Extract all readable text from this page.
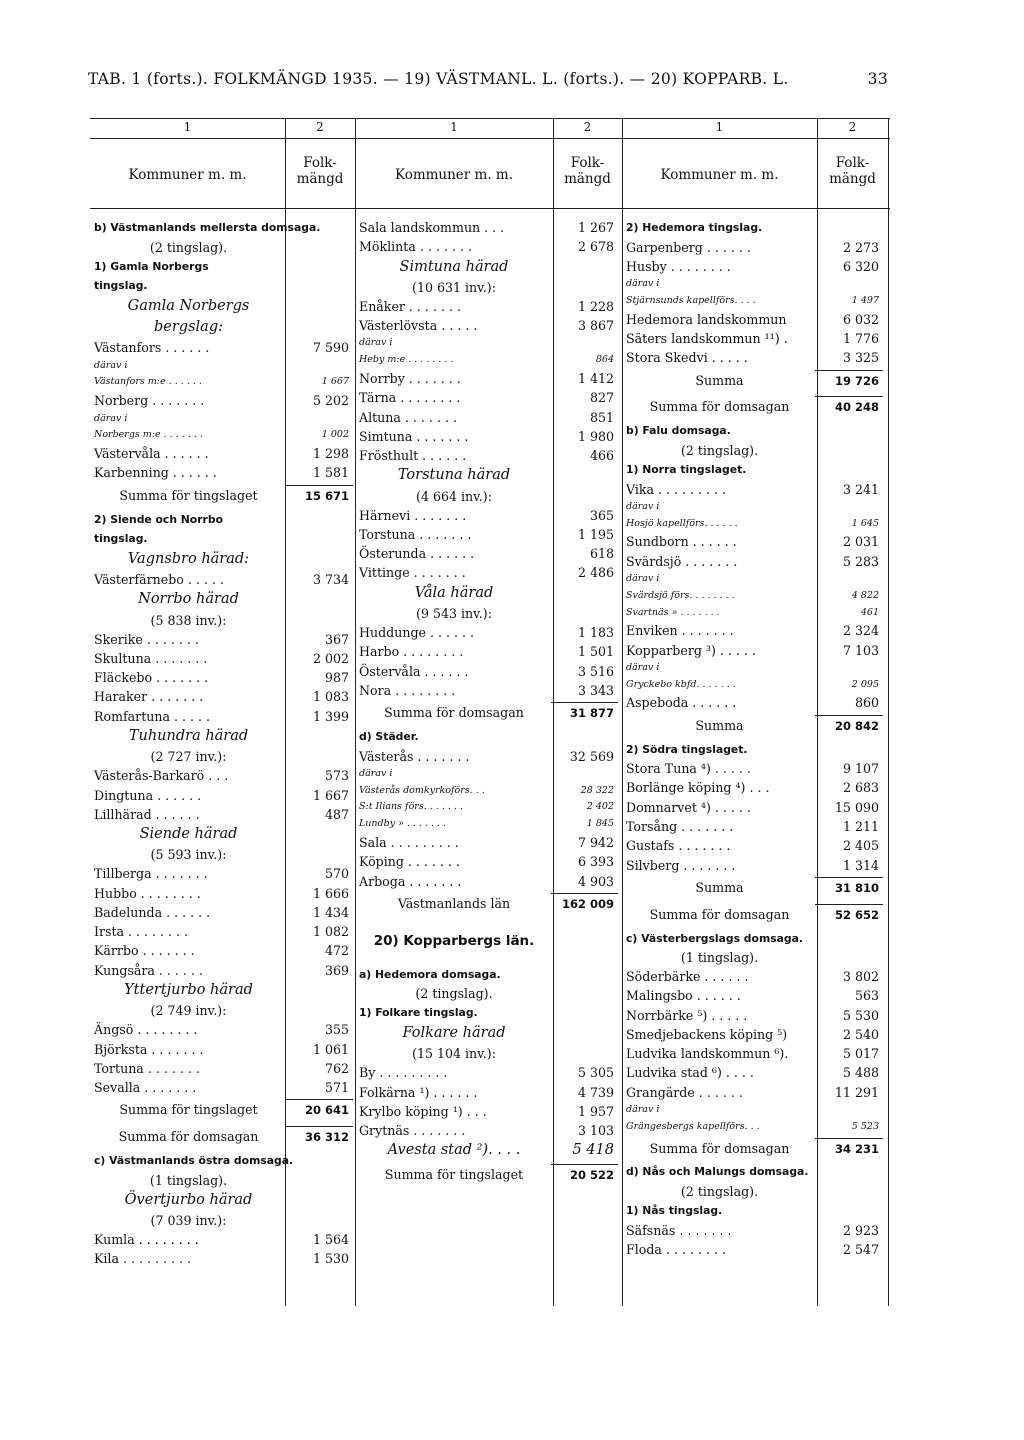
TAB. 1 (forts.). FOLKMÄNGD 1935. — 19) VÄSTMANL. L. (forts.). — 20) KOPPARB. L.	33
1	2	1	2	1	2
Kommuner m. m.
Folk-
mängd	Kommuner m. m.
Folk-
mängd	Kommuner m. m.
Folk-
mängd
b) Västmanlands mellersta domsaga.
(2 tingslag).
1) Gamla Norbergs
tingslag.
Gamla Norbergs
bergslag:
Västanfors . . . . . .	7 590
därav i
Västanfors m:e . . . . . .	1 667
Norberg . . . . . . .	5 202
därav i
Norbergs m:e . . . . . . .	1 002
Västervåla . . . . . .	1 298
Karbenning . . . . . .	1 581
Summa för tingslaget	15 671
2) Siende och Norrbo
tingslag.
Vagnsbro härad:
Västerfärnebo . . . . .	3 734
Norrbo härad
(5 838 inv.):
Skerike . . . . . . .	367
Skultuna . . . . . . .	2 002
Fläckebo . . . . . . .	987
Haraker . . . . . . .	1 083
Romfartuna . . . . .	1 399
Tuhundra härad
(2 727 inv.):
Västerås-Barkarö . . .	573
Dingtuna . . . . . .	1 667
Lillhärad . . . . . .	487
Siende härad
(5 593 inv.):
Tillberga . . . . . . .	570
Hubbo . . . . . . . .	1 666
Badelunda . . . . . .	1 434
Irsta . . . . . . . .	1 082
Kärrbo . . . . . . .	472
Kungsåra . . . . . .	369
Yttertjurbo härad
(2 749 inv.):
Ängsö . . . . . . . .	355
Björksta . . . . . . .	1 061
Tortuna . . . . . . .	762
Sevalla . . . . . . .	571
Summa för tingslaget	20 641
Summa för domsagan	36 312
c) Västmanlands östra domsaga.
(1 tingslag).
Övertjurbo härad
(7 039 inv.):
Kumla . . . . . . . .	1 564
Kila . . . . . . . . .	1 530
Sala landskommun . . .	1 267
Möklinta . . . . . . .	2 678
Simtuna härad
(10 631 inv.):
Enåker . . . . . . .	1 228
Västerlövsta . . . . .	3 867
därav i
Heby m:e . . . . . . . .	864
Norrby . . . . . . .	1 412
Tärna . . . . . . . .	827
Altuna . . . . . . .	851
Simtuna . . . . . . .	1 980
Frösthult . . . . . .	466
Torstuna härad
(4 664 inv.):
Härnevi . . . . . . .	365
Torstuna . . . . . . .	1 195
Österunda . . . . . .	618
Vittinge . . . . . . .	2 486
Våla härad
(9 543 inv.):
Huddunge . . . . . .	1 183
Harbo . . . . . . . .	1 501
Östervåla . . . . . .	3 516
Nora . . . . . . . .	3 343
Summa för domsagan	31 877
d) Städer.
Västerås . . . . . . .	32 569
därav i
Västerås domkyrkoförs. . .	28 322
S:t Ilians förs. . . . . . .	2 402
Lundby » . . . . . . .	1 845
Sala . . . . . . . . .	7 942
Köping . . . . . . .	6 393
Arboga . . . . . . .	4 903
Västmanlands län	162 009
20) Kopparbergs län.
a) Hedemora domsaga.
(2 tingslag).
1) Folkare tingslag.
Folkare härad
(15 104 inv.):
By . . . . . . . . .	5 305
Folkärna ¹) . . . . . .	4 739
Krylbo köping ¹) . . .	1 957
Grytnäs . . . . . . .	3 103
Avesta stad ²). . . .	5 418
Summa för tingslaget	20 522
2) Hedemora tingslag.
Garpenberg . . . . . .	2 273
Husby . . . . . . . .	6 320
därav i
Stjärnsunds kapellförs. . . .	1 497
Hedemora landskommun	6 032
Säters landskommun ¹¹) .	1 776
Stora Skedvi . . . . .	3 325
Summa	19 726
Summa för domsagan	40 248
b) Falu domsaga.
(2 tingslag).
1) Norra tingslaget.
Vika . . . . . . . . .	3 241
därav i
Hosjö kapellförs. . . . . .	1 645
Sundborn . . . . . .	2 031
Svärdsjö . . . . . . .	5 283
därav i
Svärdsjö förs. . . . . . . .	4 822
Svartnäs » . . . . . . .	461
Enviken . . . . . . .	2 324
Kopparberg ³) . . . . .	7 103
därav i
Gryckebo kbfd. . . . . . .	2 095
Aspeboda . . . . . .	860
Summa	20 842
2) Södra tingslaget.
Stora Tuna ⁴) . . . . .	9 107
Borlänge köping ⁴) . . .	2 683
Domnarvet ⁴) . . . . .	15 090
Torsång . . . . . . .	1 211
Gustafs . . . . . . .	2 405
Silvberg . . . . . . .	1 314
Summa	31 810
Summa för domsagan	52 652
c) Västerbergslags domsaga.
(1 tingslag).
Söderbärke . . . . . .	3 802
Malingsbo . . . . . .	563
Norrbärke ⁵) . . . . .	5 530
Smedjebackens köping ⁵)	2 540
Ludvika landskommun ⁶).	5 017
Ludvika stad ⁶) . . . .	5 488
Grangärde . . . . . .	11 291
därav i
Grängesbergs kapellförs. . .	5 523
Summa för domsagan	34 231
d) Nås och Malungs domsaga.
(2 tingslag).
1) Nås tingslag.
Säfsnäs . . . . . . .	2 923
Floda . . . . . . . .	2 547
